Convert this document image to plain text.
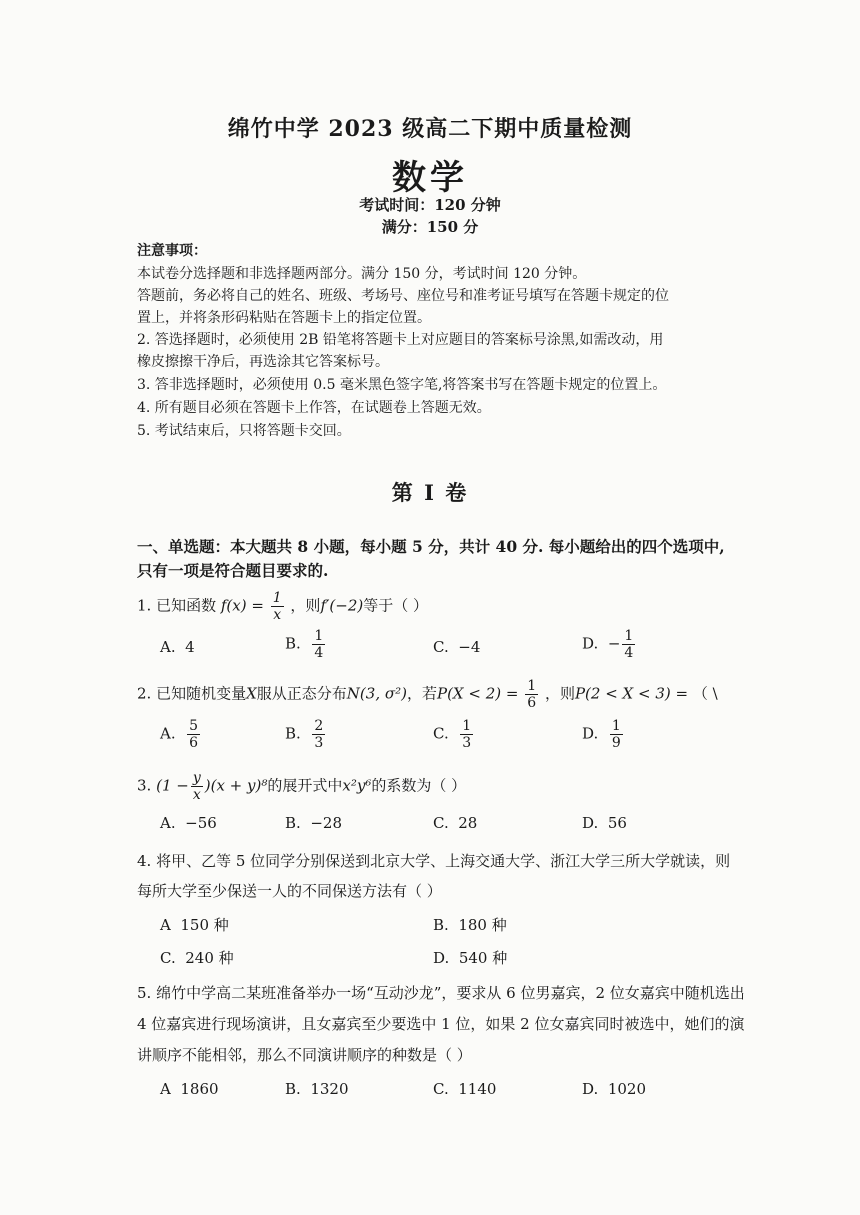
绵竹中学 2023 级高二下期中质量检测
数学
考试时间：120 分钟
满分：150 分
注意事项：
本试卷分选择题和非选择题两部分。满分 150 分，考试时间 120 分钟。
答题前，务必将自己的姓名、班级、考场号、座位号和准考证号填写在答题卡规定的位
置上，并将条形码粘贴在答题卡上的指定位置。
2. 答选择题时，必须使用 2B 铅笔将答题卡上对应题目的答案标号涂黑,如需改动，用
橡皮擦擦干净后，再选涂其它答案标号。
3. 答非选择题时，必须使用 0.5 毫米黑色签字笔,将答案书写在答题卡规定的位置上。
4. 所有题目必须在答题卡上作答，在试题卷上答题无效。
5. 考试结束后，只将答题卡交回。
第 I 卷
一、单选题：本大题共 8 小题，每小题 5 分，共计 40 分. 每小题给出的四个选项中,
只有一项是符合题目要求的.
1. 已知函数 $f(x) = \frac{1}{x}$ ，则f′(−2)等于（ ）
A. 4	B. $\frac{1}{4}$	C. −4	D. − $\frac{1}{4}$
2. 已知随机变量X服从正态分布N(3, σ²)，若$P(X < 2) = \frac{1}{6}$ ，则P(2 < X < 3) = （ \
A. $\frac{5}{6}$	B. $\frac{2}{3}$	C. $\frac{1}{3}$	D. $\frac{1}{9}$
3. $(1 - \frac{y}{x} )(x + y)^8$的展开式中x²y⁶的系数为（ ）
A. −56	B. −28	C. 28	D. 56
4. 将甲、乙等 5 位同学分别保送到北京大学、上海交通大学、浙江大学三所大学就读，则
每所大学至少保送一人的不同保送方法有（ ）
A 150 种	B. 180 种
C. 240 种	D. 540 种
5. 绵竹中学高二某班准备举办一场“互动沙龙”，要求从 6 位男嘉宾，2 位女嘉宾中随机选出
4 位嘉宾进行现场演讲，且女嘉宾至少要选中 1 位，如果 2 位女嘉宾同时被选中，她们的演
讲顺序不能相邻，那么不同演讲顺序的种数是（ ）
A 1860	B. 1320	C. 1140	D. 1020
